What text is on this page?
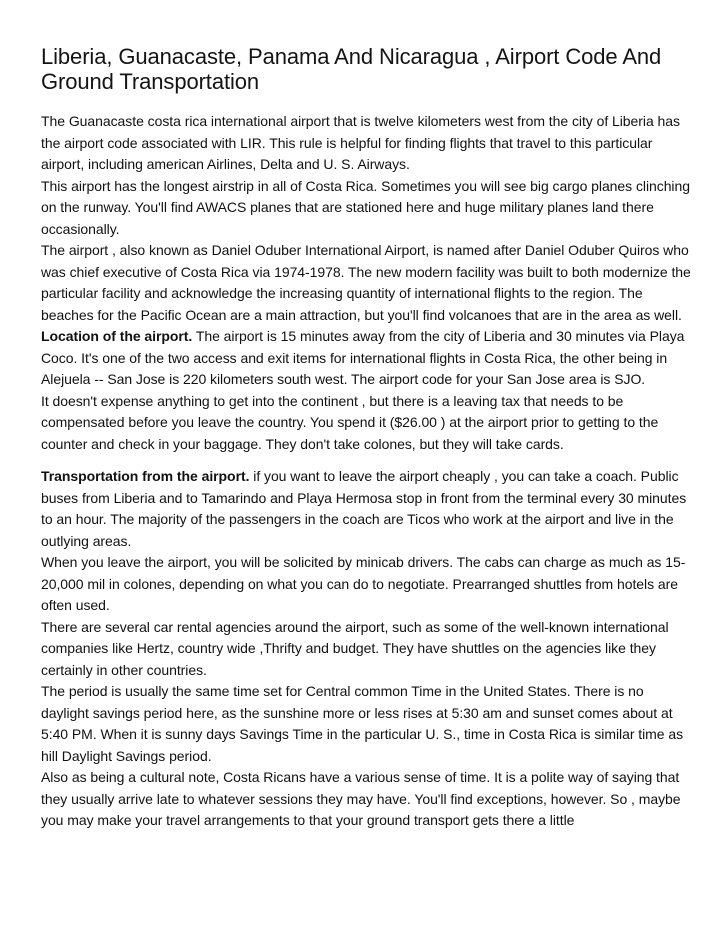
Liberia, Guanacaste, Panama And Nicaragua , Airport Code And Ground Transportation

The Guanacaste costa rica international airport that is twelve kilometers west from the city of Liberia has the airport code associated with LIR. This rule is helpful for finding flights that travel to this particular airport, including american Airlines, Delta and U. S. Airways.

This airport has the longest airstrip in all of Costa Rica. Sometimes you will see big cargo planes clinching on the runway. You'll find AWACS planes that are stationed here and huge military planes land there occasionally.

The airport , also known as Daniel Oduber International Airport, is named after Daniel Oduber Quiros who was chief executive of Costa Rica via 1974-1978. The new modern facility was built to both modernize the particular facility and acknowledge the increasing quantity of international flights to the region. The beaches for the Pacific Ocean are a main attraction, but you'll find volcanoes that are in the area as well.

Location of the airport. The airport is 15 minutes away from the city of Liberia and 30 minutes via Playa Coco. It's one of the two access and exit items for international flights in Costa Rica, the other being in Alejuela -- San Jose is 220 kilometers south west. The airport code for your San Jose area is SJO.

It doesn't expense anything to get into the continent , but there is a leaving tax that needs to be compensated before you leave the country. You spend it ($26.00 ) at the airport prior to getting to the counter and check in your baggage. They don't take colones, but they will take cards.

Transportation from the airport. if you want to leave the airport cheaply , you can take a coach. Public buses from Liberia and to Tamarindo and Playa Hermosa stop in front from the terminal every 30 minutes to an hour. The majority of the passengers in the coach are Ticos who work at the airport and live in the outlying areas.

When you leave the airport, you will be solicited by minicab drivers. The cabs can charge as much as 15-20,000 mil in colones, depending on what you can do to negotiate. Prearranged shuttles from hotels are often used.

There are several car rental agencies around the airport, such as some of the well-known international companies like Hertz, country wide ,Thrifty and budget. They have shuttles on the agencies like they certainly in other countries.

The period is usually the same time set for Central common Time in the United States. There is no daylight savings period here, as the sunshine more or less rises at 5:30 am and sunset comes about at 5:40 PM. When it is sunny days Savings Time in the particular U. S., time in Costa Rica is similar time as hill Daylight Savings period.

Also as being a cultural note, Costa Ricans have a various sense of time. It is a polite way of saying that they usually arrive late to whatever sessions they may have. You'll find exceptions, however. So , maybe you may make your travel arrangements to that your ground transport gets there a little
